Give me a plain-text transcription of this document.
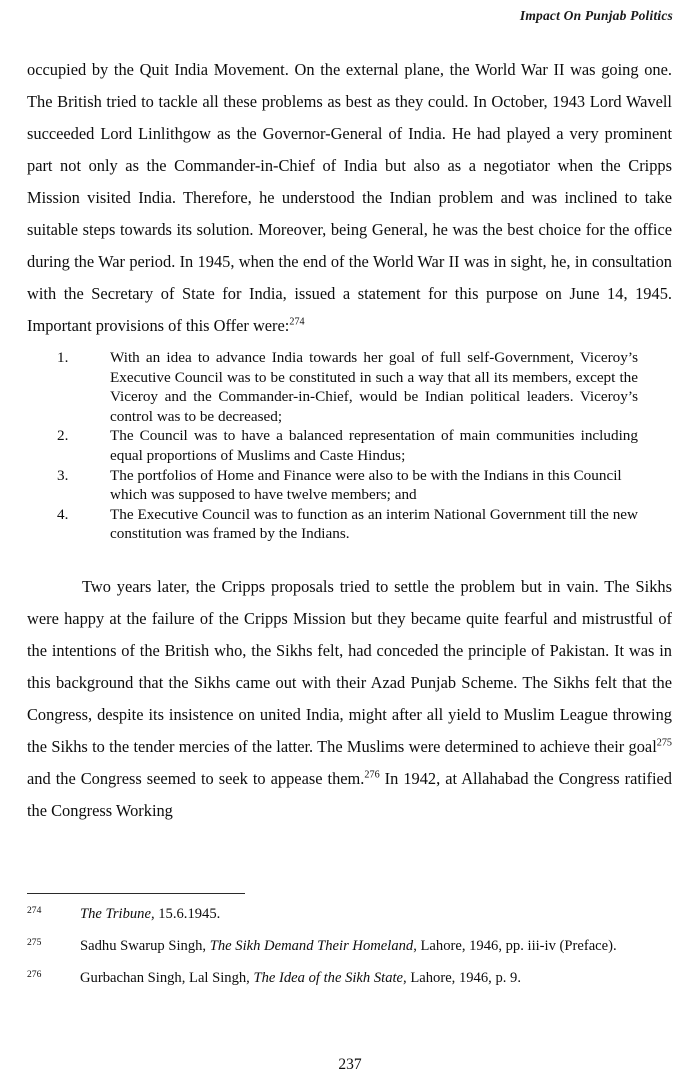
Impact On Punjab Politics

occupied by the Quit India Movement. On the external plane, the World War II was going one. The British tried to tackle all these problems as best as they could. In October, 1943 Lord Wavell succeeded Lord Linlithgow as the Governor-General of India. He had played a very prominent part not only as the Commander-in-Chief of India but also as a negotiator when the Cripps Mission visited India. Therefore, he understood the Indian problem and was inclined to take suitable steps towards its solution. Moreover, being General, he was the best choice for the office during the War period. In 1945, when the end of the World War II was in sight, he, in consultation with the Secretary of State for India, issued a statement for this purpose on June 14, 1945. Important provisions of this Offer were:$^{274}$

1.	With an idea to advance India towards her goal of full self-Government, Viceroy’s Executive Council was to be constituted in such a way that all its members, except the Viceroy and the Commander-in-Chief, would be Indian political leaders. Viceroy’s control was to be decreased;
2.	The Council was to have a balanced representation of main communities including equal proportions of Muslims and Caste Hindus;
3.	The portfolios of Home and Finance were also to be with the Indians in this Council which was supposed to have twelve members; and
4.	The Executive Council was to function as an interim National Government till the new constitution was framed by the Indians.

Two years later, the Cripps proposals tried to settle the problem but in vain. The Sikhs were happy at the failure of the Cripps Mission but they became quite fearful and mistrustful of the intentions of the British who, the Sikhs felt, had conceded the principle of Pakistan. It was in this background that the Sikhs came out with their Azad Punjab Scheme. The Sikhs felt that the Congress, despite its insistence on united India, might after all yield to Muslim League throwing the Sikhs to the tender mercies of the latter. The Muslims were determined to achieve their goal$^{275}$ and the Congress seemed to seek to appease them.$^{276}$ In 1942, at Allahabad the Congress ratified the Congress Working

274	The Tribune, 15.6.1945.
275	Sadhu Swarup Singh, The Sikh Demand Their Homeland, Lahore, 1946, pp. iii-iv (Preface).
276	Gurbachan Singh, Lal Singh, The Idea of the Sikh State, Lahore, 1946, p. 9.
237
